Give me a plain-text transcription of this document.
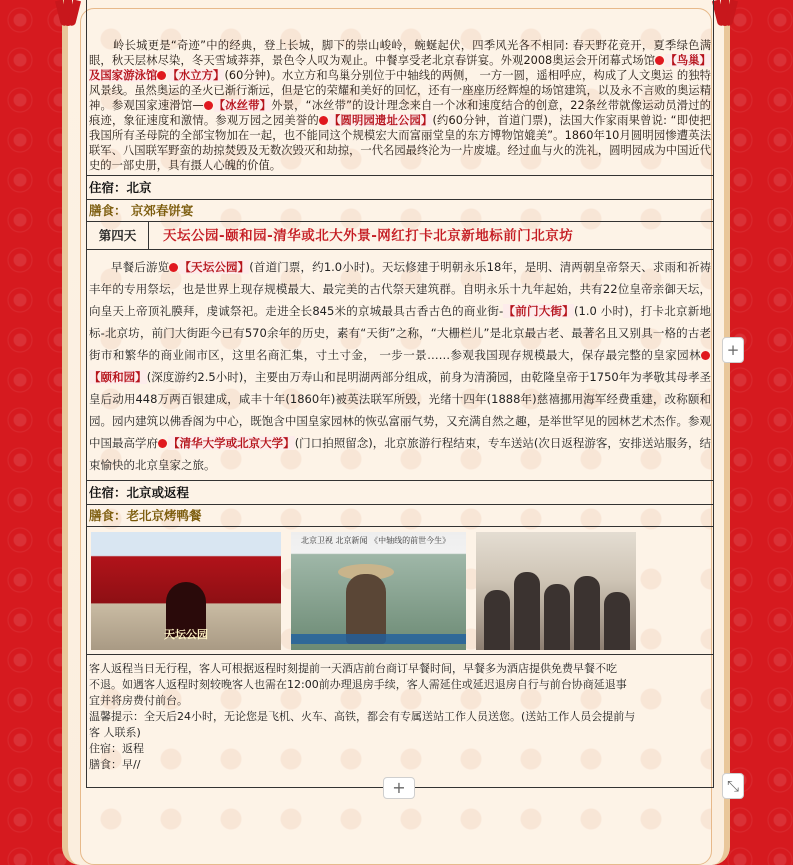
岭长城更是“奇迹”中的经典，登上长城，脚下的崇山峻岭，蜿蜒起伏，四季风光各不相同: 春天野花竞开，夏季绿色满眼，秋天层林尽染，冬天雪域莽莽，景色令人叹为观止。中餐享受老北京春饼宴。外观2008奥运会开闭幕式场馆 【鸟巢】及国家游泳馆 【水立方】(60分钟)。水立方和鸟巢分别位于中轴线的两侧， 一方一圆，遥相呼应，构成了人文奥运 的独特风景线。虽然奥运的圣火已渐行渐远，但是它的荣耀和美好的回忆，还有一座座历经辉煌的场馆建筑，以及永不言败的奥运精神。参观国家速滑馆— 【冰丝带】外景，“冰丝带”的设计理念来自一个冰和速度结合的创意，22条丝带就像运动员滑过的痕迹，象征速度和激情。参观万园之园美誉的 【圆明园遗址公园】(约60分钟，首道门票)，法国大作家雨果曾说: “即使把我国所有圣母院的全部宝物加在一起，也不能同这个规模宏大而富丽堂皇的东方博物馆媲美”。1860年10月圆明园惨遭英法联军、八国联军野蛮的劫掠焚毁及无数次毁灭和劫掠，一代名园最终沦为一片废墟。经过血与火的洗礼，圆明园成为中国近代史的一部史册，具有摄人心魄的价值。
住宿：北京
膳食： 京郊春饼宴
第四天	天坛公园-颐和园-清华或北大外景-网红打卡北京新地标前门北京坊
早餐后游览 【天坛公园】(首道门票，约1.0小时)。天坛修建于明朝永乐18年，是明、清两朝皇帝祭天、求雨和祈祷丰年的专用祭坛，也是世界上现存规模最大、最完美的古代祭天建筑群。自明永乐十九年起始，共有22位皇帝亲御天坛，向皇天上帝顶礼膜拜，虔诚祭祀。走进全长845米的京城最具古香古色的商业街-【前门大街】(1.0 小时)，打卡北京新地标-北京坊，前门大街距今已有570余年的历史，素有“天街”之称，“大栅栏儿”是北京最古老、最著名且又别具一格的古老街市和繁华的商业闹市区，这里名商汇集，寸土寸金， 一步一景……参观我国现存规模最大，保存最完整的皇家园林【颐和园】(深度游约2.5小时)，主要由万寿山和昆明湖两部分组成，前身为清漪园，由乾隆皇帝于1750年为孝敬其母孝圣皇后动用448万两百银建成，咸丰十年(1860年)被英法联军所毁，光绪十四年(1888年)慈禧挪用海军经费重建，改称颐和园。园内建筑以佛香阁为中心，既饱含中国皇家园林的恢弘富丽气势，又充满自然之趣，是举世罕见的园林艺术杰作。参观中国最高学府 【清华大学或北京大学】(门口拍照留念)，北京旅游行程结束，专车送站(次日返程游客，安排送站服务，结束愉快的北京皇家之旅。
住宿：北京或返程
膳食：老北京烤鸭餐
天坛公园
北京卫视 北京新闻 《中轴线的前世今生》
客人返程当日无行程，客人可根据返程时刻提前一天酒店前台商订早餐时间，早餐多为酒店提供免费早餐不吃
不退。如遇客人返程时刻较晚客人也需在12:00前办理退房手续，客人需延住或延迟退房自行与前台协商延退事
宜并将房费付前台。
温馨提示：全天后24小时，无论您是飞机、火车、高铁，都会有专属送站工作人员送您。(送站工作人员会提前与
客 人联系)
住宿：返程
膳食：早//
+
+
⤡
